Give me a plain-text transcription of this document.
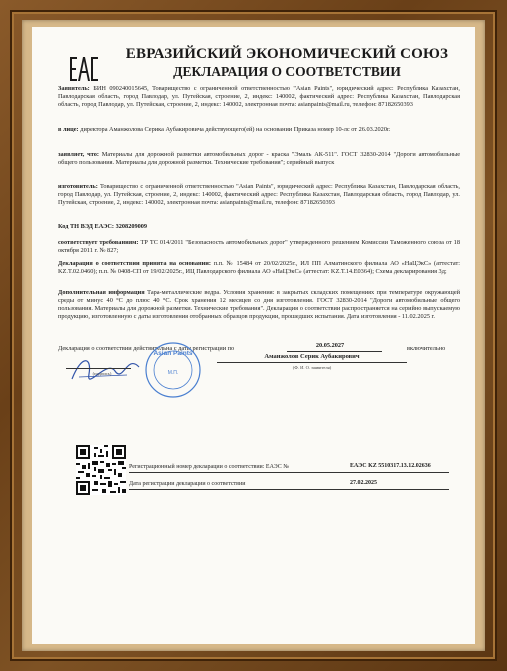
ЕВРАЗИЙСКИЙ ЭКОНОМИЧЕСКИЙ СОЮЗ
ДЕКЛАРАЦИЯ О СООТВЕТСТВИИ
Заявитель: БИН 090240015645, Товарищество с ограниченной ответственностью "Asian Paints", юридический адрес: Республика Казахстан, Павлодарская область, город Павлодар, ул. Путейская, строение, 2, индекс: 140002, фактический адрес: Республика Казахстан, Павлодарская область, город Павлодар, ул. Путейская, строение, 2, индекс: 140002, электронная почта: asianpaints@mail.ru, телефон: 87182650393
в лице: директора Аманжолова Серика Аубакировича действующего(ей) на основании Приказа номер 10-лс от 26.03.2020г.
заявляет, что: Материалы для дорожной разметки автомобильных дорог - краска "Эмаль АК-511". ГОСТ 32830-2014 "Дороги автомобильные общего пользования. Материалы для дорожной разметки. Технические требования"; серийный выпуск
изготовитель: Товарищество с ограниченной ответственностью "Asian Paints", юридический адрес: Республика Казахстан, Павлодарская область, город Павлодар, ул. Путейская, строение, 2, индекс: 140002, фактический адрес: Республика Казахстан, Павлодарская область, город Павлодар, ул. Путейская, строение, 2, индекс: 140002, электронная почта: asianpaints@mail.ru, телефон: 87182650393
Код ТН ВЭД ЕАЭС: 3208209009
соответствует требованиям: ТР ТС 014/2011 "Безопасность автомобильных дорог" утвержденного решением Комиссии Таможенного союза от 18 октября 2011 г. № 827;
Декларация о соответствии принята на основании: п.п. № 15484 от 20/02/2025г., ИЛ ПП Алматинского филиала АО «НаЦЭкС» (аттестат: KZ.T.02.0460); п.п. № 0408-СП от 19/02/2025г., ИЦ Павлодарского филиала АО «НаЦЭкС» (аттестат: KZ.T.14.E0364); Схема декларирования 3д;
Дополнительная информация Тара-металлические ведра. Условия хранения: в закрытых складских помещениях при температуре окружающей среды от минус 40 °С до плюс 40 °С. Срок хранения 12 месяцев со дня изготовления. ГОСТ 32830-2014 "Дороги автомобильные общего пользования. Материалы для дорожной разметки. Технические требования". Декларация о соответствии распространяется на серийно выпускаемую продукцию, изготовленную с даты изготовления отобранных образцов продукции, прошедших испытания. Дата изготовления - 11.02.2025 г.
Декларация о соответствии действительна с даты регистрации по	20.05.2027	включительно
(подпись)
Asian Paints
М.П.
Аманжолов Серик Аубакирович
(Ф. И. О. заявителя)
Регистрационный номер декларации о соответствии: ЕАЭС №	ЕАЭС KZ 5510317.13.12.02636
Дата регистрации декларации о соответствии	27.02.2025
